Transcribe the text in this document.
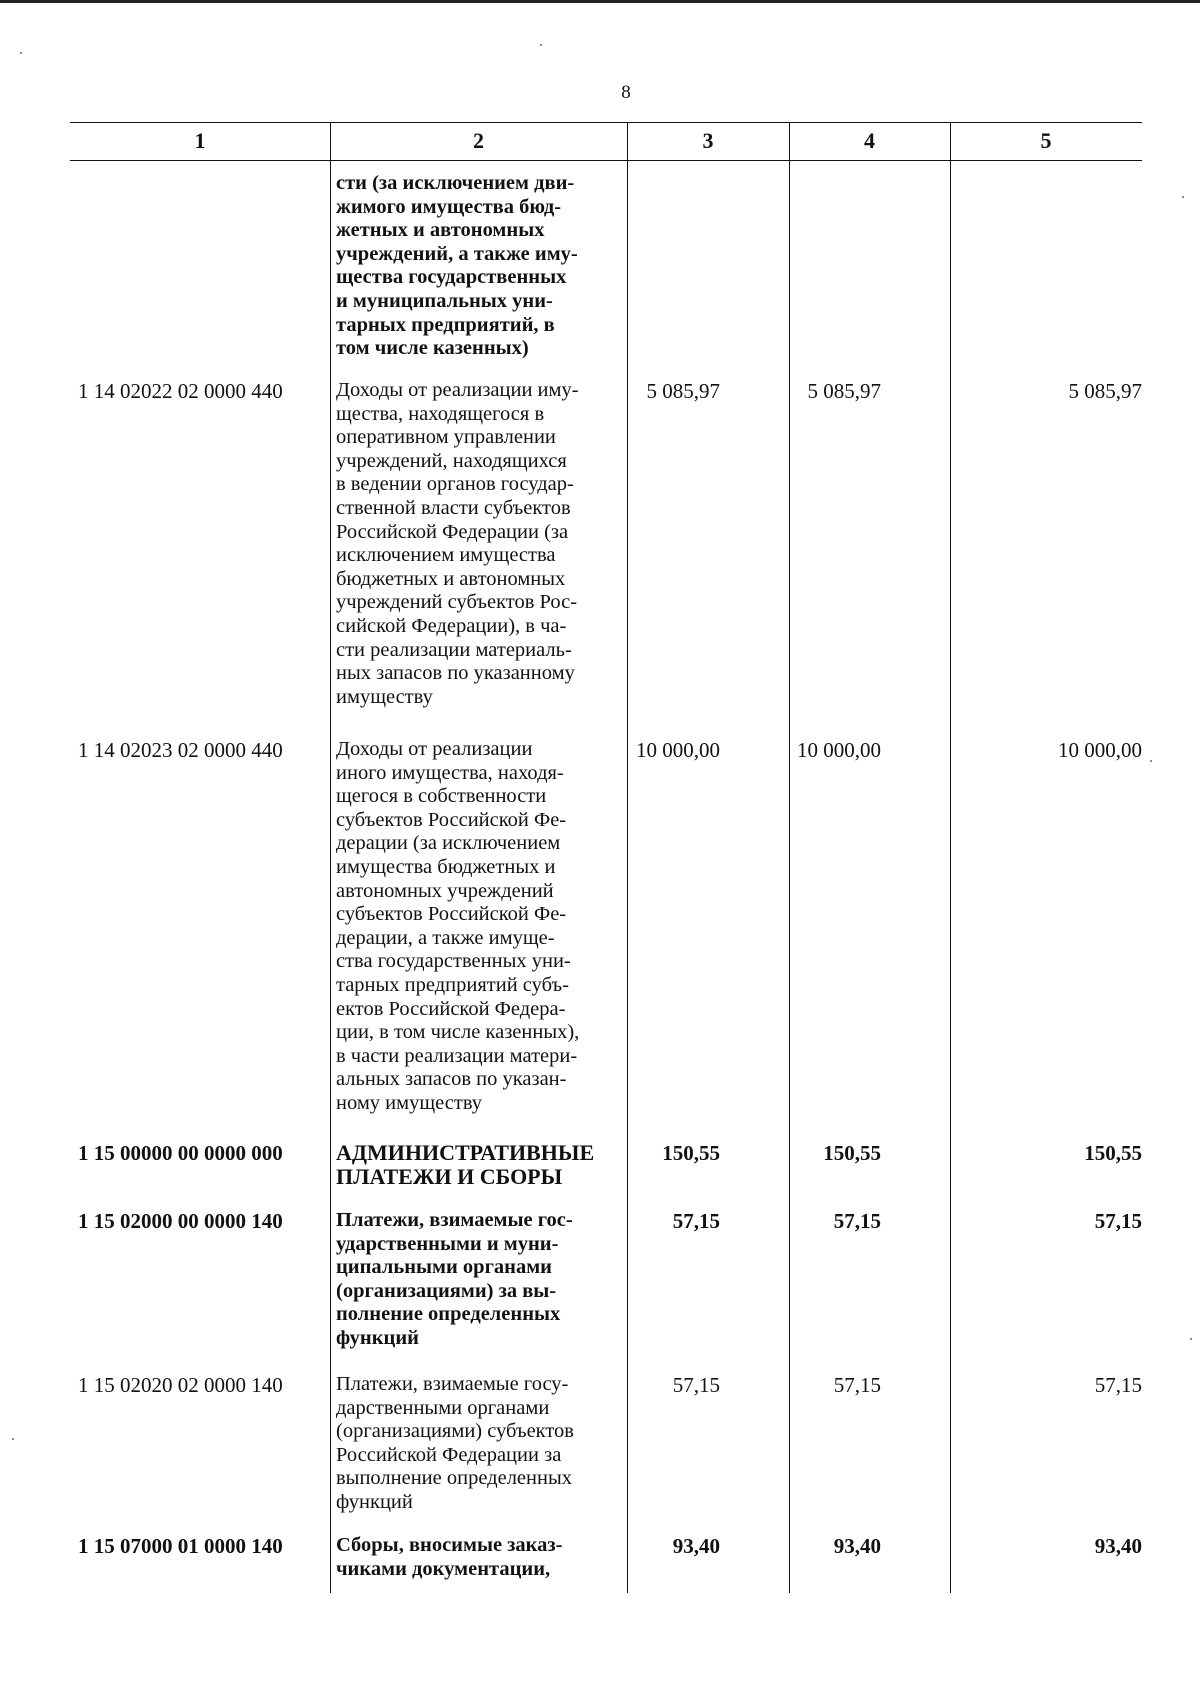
8
1	2	3	4	5
сти (за исключением дви-
жимого имущества бюд-
жетных и автономных
учреждений, а также иму-
щества государственных
и муниципальных уни-
тарных предприятий, в
том числе казенных)
1 14 02022 02 0000 440	Доходы от реализации иму-
щества, находящегося в
оперативном управлении
учреждений, находящихся
в ведении органов государ-
ственной власти субъектов
Российской Федерации (за
исключением имущества
бюджетных и автономных
учреждений субъектов Рос-
сийской Федерации), в ча-
сти реализации материаль-
ных запасов по указанному
имуществу
5 085,97	5 085,97	5 085,97
1 14 02023 02 0000 440	Доходы от реализации
иного имущества, находя-
щегося в собственности
субъектов Российской Фе-
дерации (за исключением
имущества бюджетных и
автономных учреждений
субъектов Российской Фе-
дерации, а также имуще-
ства государственных уни-
тарных предприятий субъ-
ектов Российской Федера-
ции, в том числе казенных),
в части реализации матери-
альных запасов по указан-
ному имуществу
10 000,00	10 000,00	10 000,00
1 15 00000 00 0000 000	АДМИНИСТРАТИВНЫЕ
ПЛАТЕЖИ И СБОРЫ
150,55	150,55	150,55
1 15 02000 00 0000 140	Платежи, взимаемые гос-
ударственными и муни-
ципальными органами
(организациями) за вы-
полнение определенных
функций
57,15	57,15	57,15
1 15 02020 02 0000 140	Платежи, взимаемые госу-
дарственными органами
(организациями) субъектов
Российской Федерации за
выполнение определенных
функций
57,15	57,15	57,15
1 15 07000 01 0000 140	Сборы, вносимые заказ-
чиками документации,
93,40	93,40	93,40
